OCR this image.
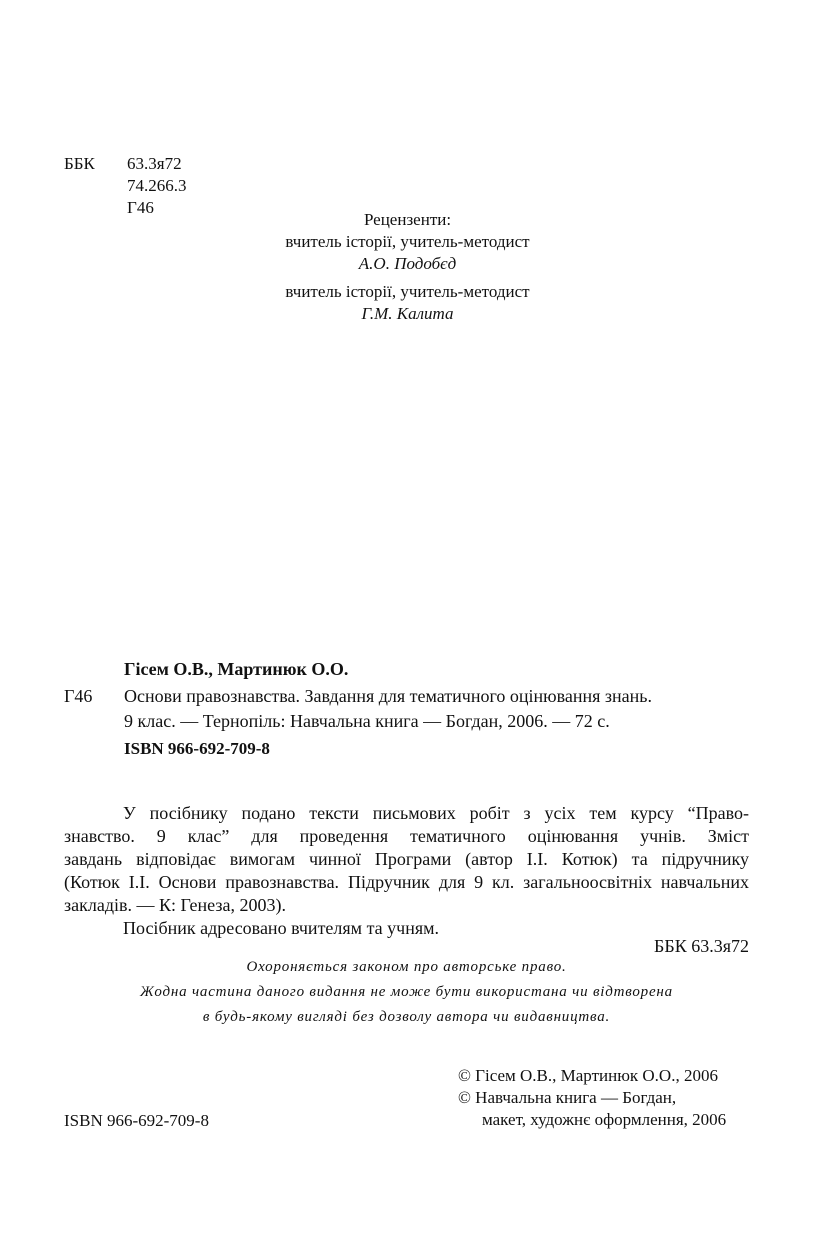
ББК 63.3я72
74.266.3
Г46
Рецензенти:
вчитель історії, учитель-методист
А.О. Подобєд
вчитель історії, учитель-методист
Г.М. Калита
Гісем О.В., Мартинюк О.О.
Г46 Основи правознавства. Завдання для тематичного оцінювання знань.
9 клас. — Тернопіль: Навчальна книга — Богдан, 2006. — 72 с.
ISBN 966-692-709-8
У посібнику подано тексти письмових робіт з усіх тем курсу “Право-
знавство. 9 клас” для проведення тематичного оцінювання учнів. Зміст
завдань відповідає вимогам чинної Програми (автор І.І. Котюк) та підручнику
(Котюк І.І. Основи правознавства. Підручник для 9 кл. загальноосвітніх навчальних
закладів. — К: Генеза, 2003).
Посібник адресовано вчителям та учням.
ББК 63.3я72
Охороняється законом про авторське право.
Жодна частина даного видання не може бути використана чи відтворена
в будь-якому вигляді без дозволу автора чи видавництва.
ISBN 966-692-709-8
© Гісем О.В., Мартинюк О.О., 2006
© Навчальна книга — Богдан,
макет, художнє оформлення, 2006
